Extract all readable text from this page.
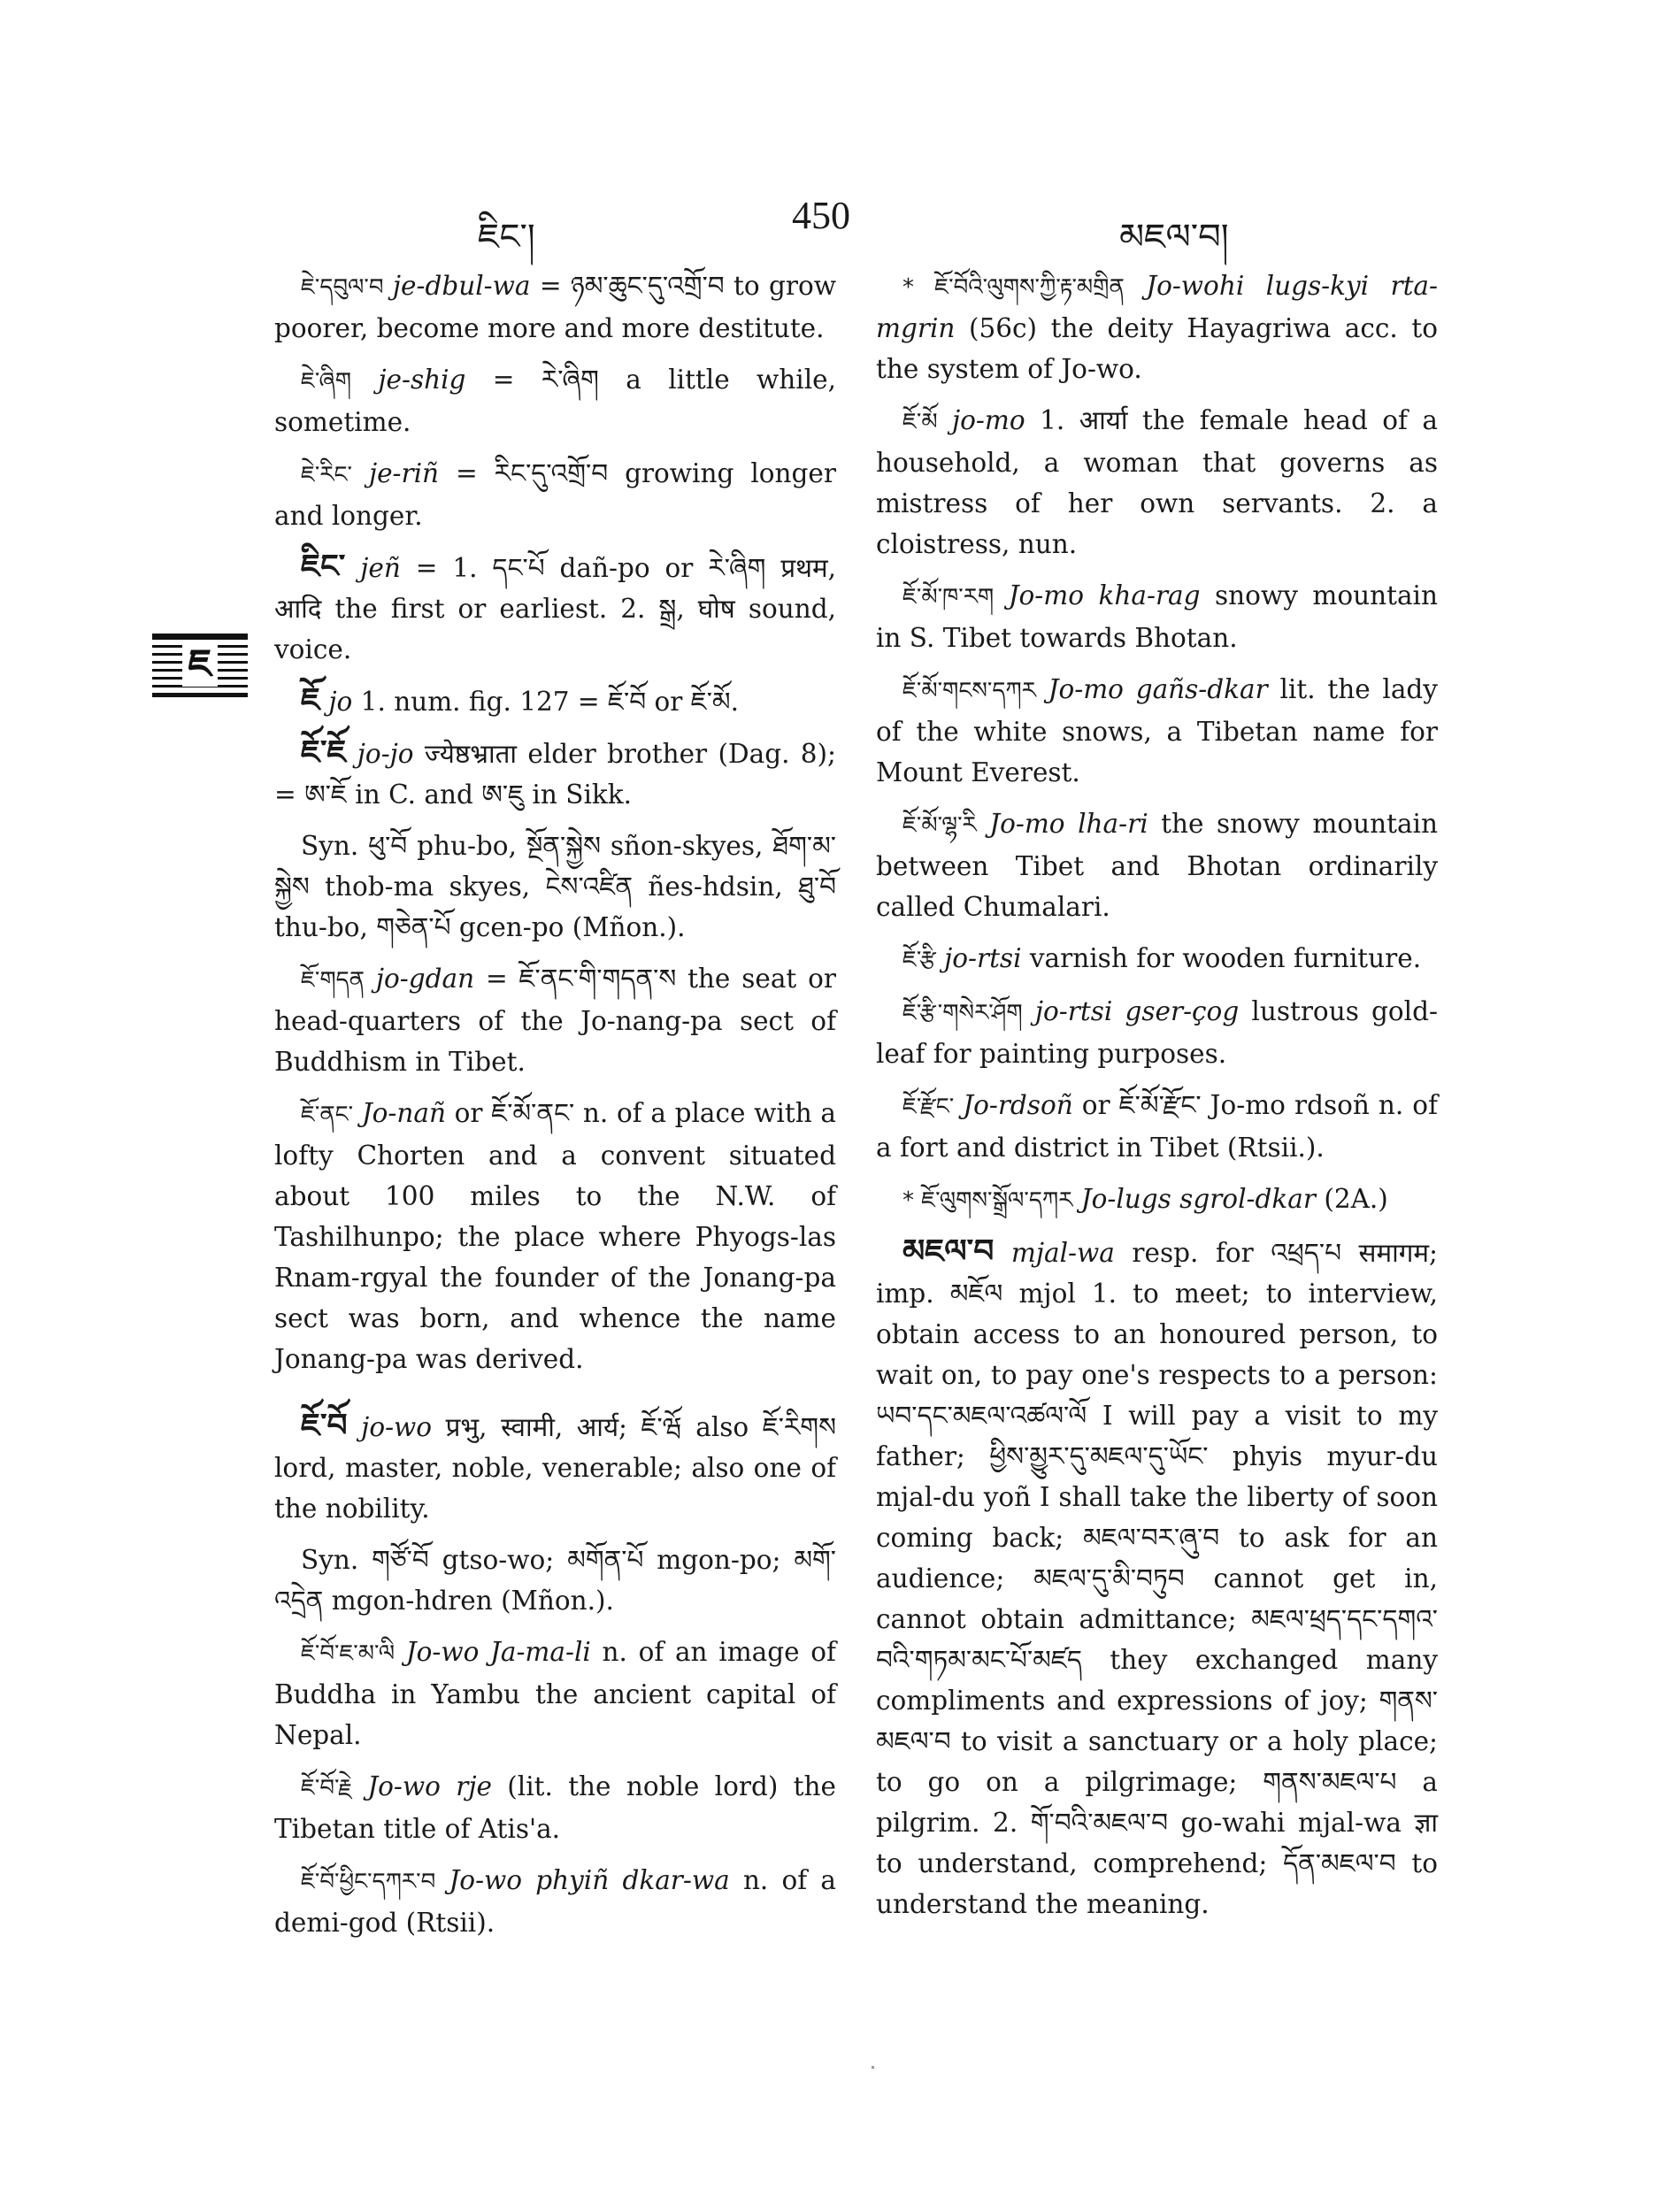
ཇིང་།	450	མཇལ་བ།
ཇ

ཇེ་དབུལ་བ je-dbul-wa = ཉམ་ཆུང་དུ་འགྲོ་བ to grow poorer, become more and more destitute.

ཇེ་ཞིག je-shig = རེ་ཞིག a little while, sometime.

ཇེ་རིང་ je-riñ = རིང་དུ་འགྲོ་བ growing longer and longer.

ཇིང་ jeñ = 1. དང་པོ dañ-po or རེ་ཞིག प्रथम, आदि the first or earliest. 2. སྒྲ, घोष sound, voice.

ཇོ jo 1. num. fig. 127 = ཇོ་བོ or ཇོ་མོ.

ཇོ་ཇོ jo-jo ज्येष्ठभ्राता elder brother (Dag. 8); = ཨ་ཇོ in C. and ཨ་ཇུ in Sikk.

Syn. ཕུ་བོ phu-bo, སྔོན་སྐྱེས sñon-skyes, ཐོག་མ་སྐྱེས thob-ma skyes, ངེས་འཛིན ñes-hdsin, ཐུ་བོ thu-bo, གཅེན་པོ gcen-po (Mñon.).

ཇོ་གདན jo-gdan = ཇོ་ནང་གི་གདན་ས the seat or head-quarters of the Jo-nang-pa sect of Buddhism in Tibet.

ཇོ་ནང་ Jo-nañ or ཇོ་མོ་ནང་ n. of a place with a lofty Chorten and a convent situated about 100 miles to the N.W. of Tashilhunpo; the place where Phyogs-las Rnam-rgyal the founder of the Jonang-pa sect was born, and whence the name Jonang-pa was derived.

ཇོ་བོ jo-wo प्रभु, स्वामी, आर्य; ཇོ་ཝོ also ཇོ་རིགས lord, master, noble, venerable; also one of the nobility.

Syn. གཙོ་བོ gtso-wo; མགོན་པོ mgon-po; མགོ་འདྲེན mgon-hdren (Mñon.).

ཇོ་བོ་ཇ་མ་ལི Jo-wo Ja-ma-li n. of an image of Buddha in Yambu the ancient capital of Nepal.

ཇོ་བོ་རྗེ Jo-wo rje (lit. the noble lord) the Tibetan title of Atis'a.

ཇོ་བོ་ཕྱིང་དཀར་བ Jo-wo phyiñ dkar-wa n. of a demi-god (Rtsii).

* ཇོ་བོའི་ལུགས་ཀྱི་རྟ་མགྲིན Jo-wohi lugs-kyi rta-mgrin (56c) the deity Hayagriwa acc. to the system of Jo-wo.

ཇོ་མོ jo-mo 1. आर्या the female head of a household, a woman that governs as mistress of her own servants. 2. a cloistress, nun.

ཇོ་མོ་ཁ་རག Jo-mo kha-rag snowy mountain in S. Tibet towards Bhotan.

ཇོ་མོ་གངས་དཀར Jo-mo gañs-dkar lit. the lady of the white snows, a Tibetan name for Mount Everest.

ཇོ་མོ་ལྷ་རི Jo-mo lha-ri the snowy mountain between Tibet and Bhotan ordinarily called Chumalari.

ཇོ་རྩི jo-rtsi varnish for wooden furniture.

ཇོ་རྩི་གསེར་ཤོག jo-rtsi gser-çog lustrous gold-leaf for painting purposes.

ཇོ་རྫོང་ Jo-rdsoñ or ཇོ་མོ་རྫོང་ Jo-mo rdsoñ n. of a fort and district in Tibet (Rtsii.).

* ཇོ་ལུགས་སྒྲོལ་དཀར Jo-lugs sgrol-dkar (2A.)

མཇལ་བ mjal-wa resp. for འཕྲད་པ समागम; imp. མཇོལ mjol 1. to meet; to interview, obtain access to an honoured person, to wait on, to pay one's respects to a person: ཡབ་དང་མཇལ་འཚལ་ལོ I will pay a visit to my father; ཕྱིས་མྱུར་དུ་མཇལ་དུ་ཡོང་ phyis myur-du mjal-du yoñ I shall take the liberty of soon coming back; མཇལ་བར་ཞུ་བ to ask for an audience; མཇལ་དུ་མི་བཏུབ cannot get in, cannot obtain admittance; མཇལ་ཕྲད་དང་དགའ་བའི་གཏམ་མང་པོ་མཛད they exchanged many compliments and expressions of joy; གནས་མཇལ་བ to visit a sanctuary or a holy place; to go on a pilgrimage; གནས་མཇལ་པ a pilgrim. 2. གོ་བའི་མཇལ་བ go-wahi mjal-wa ज्ञा to understand, comprehend; དོན་མཇལ་བ to understand the meaning.
